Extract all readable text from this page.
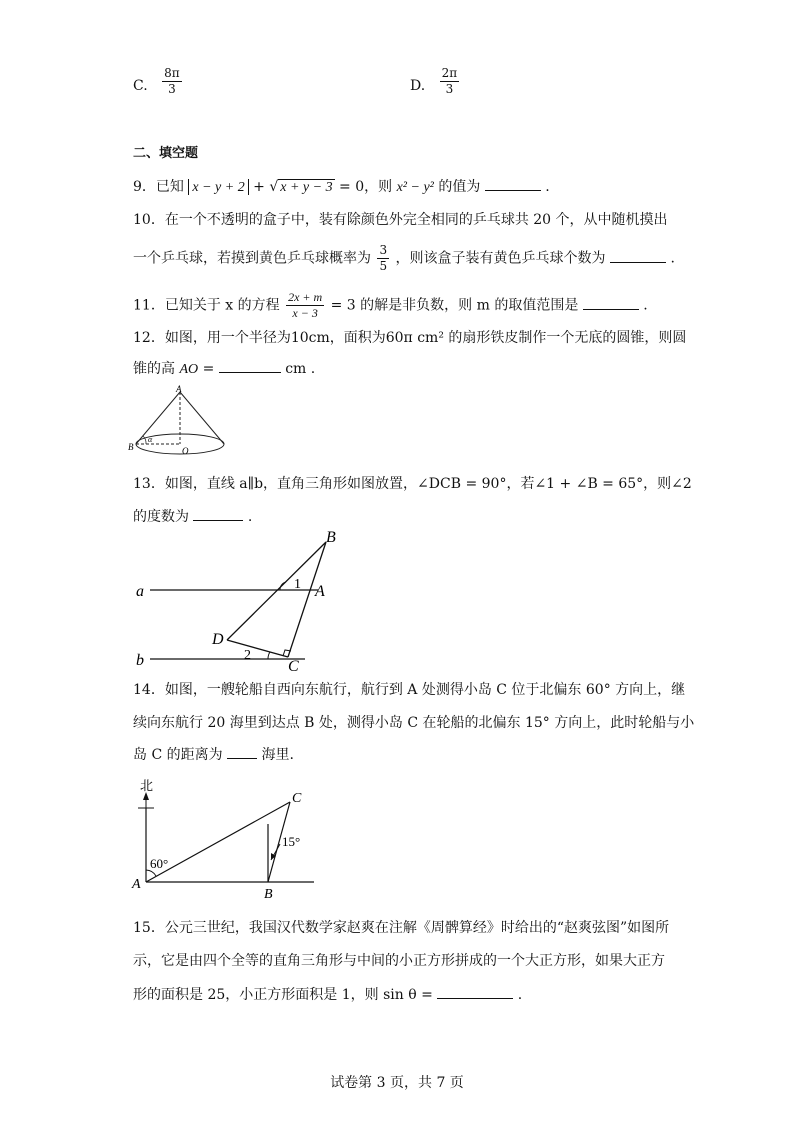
C. $\frac{8\pi}{3}$	D. $\frac{2\pi}{3}$
二、填空题
9．已知 x − y + 2 + √ x + y − 3 = 0，则 x² − y² 的值为	.
10．在一个不透明的盒子中，装有除颜色外完全相同的乒乓球共 20 个，从中随机摸出
一个乒乓球，若摸到黄色乒乓球概率为 $\frac{3}{5}$ ，则该盒子装有黄色乒乓球个数为	.
11．已知关于 x 的方程 $\frac{2x + m}{x - 3} = 3$ 的解是非负数，则 m 的取值范围是	.
12．如图，用一个半径为10cm，面积为60π cm² 的扇形铁皮制作一个无底的圆锥，则圆
锥的高 AO =	cm .
A
B	O
α
13．如图，直线 a∥b，直角三角形如图放置，∠DCB = 90°，若∠1 + ∠B = 65°，则∠2
的度数为	.
a
b
B
A
C
D
1
2
14．如图，一艘轮船自西向东航行，航行到 A 处测得小岛 C 位于北偏东 60° 方向上，继
续向东航行 20 海里到达点 B 处，测得小岛 C 在轮船的北偏东 15° 方向上，此时轮船与小
岛 C 的距离为	海里.
北
A
B
C
60°
15°
15．公元三世纪，我国汉代数学家赵爽在注解《周髀算经》时给出的“赵爽弦图”如图所
示，它是由四个全等的直角三角形与中间的小正方形拼成的一个大正方形，如果大正方
形的面积是 25，小正方形面积是 1，则 sin θ =	.
试卷第 3 页，共 7 页
